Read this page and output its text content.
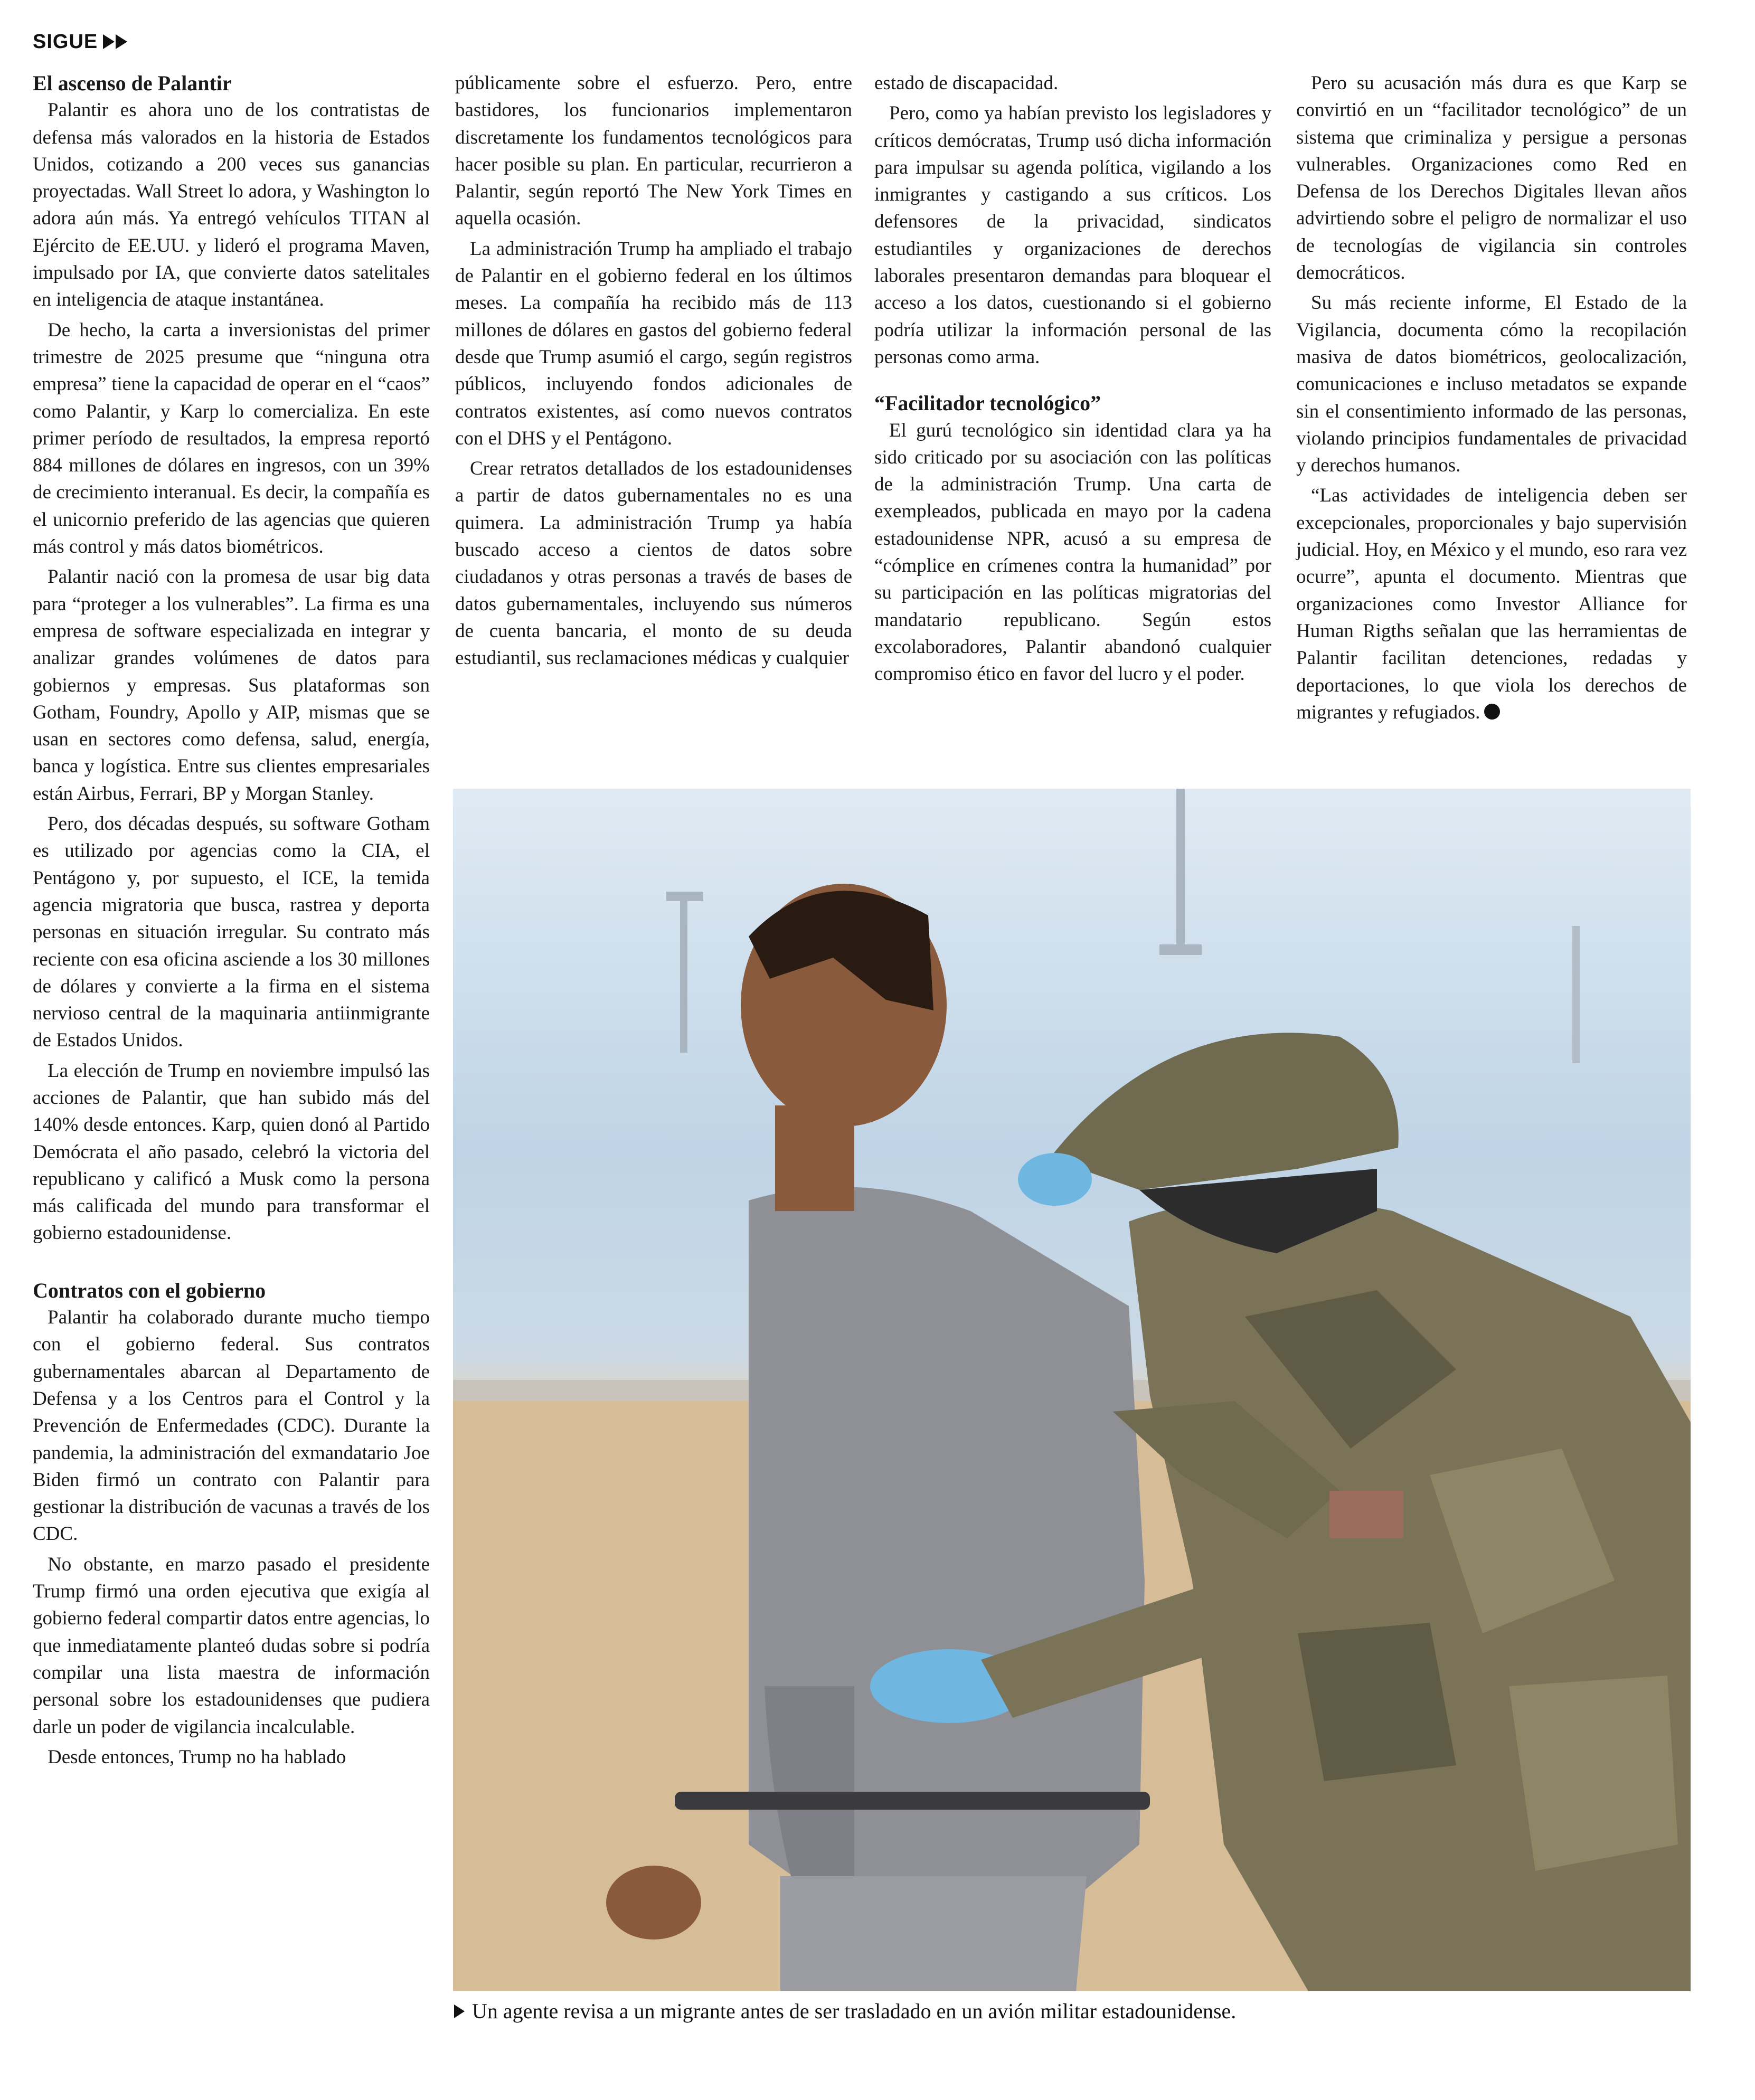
SIGUE
El ascenso de Palantir

Palantir es ahora uno de los contratistas de defensa más valorados en la historia de Estados Unidos, cotizando a 200 veces sus ganancias proyectadas. Wall Street lo adora, y Washington lo adora aún más. Ya entregó vehículos TITAN al Ejército de EE.UU. y lideró el programa Maven, impulsado por IA, que convierte datos satelitales en inteligencia de ataque instantánea.

De hecho, la carta a inversionistas del primer trimestre de 2025 presume que “ninguna otra empresa” tiene la capacidad de operar en el “caos” como Palantir, y Karp lo comercializa. En este primer período de resultados, la empresa reportó 884 millones de dólares en ingresos, con un 39% de crecimiento interanual. Es decir, la compañía es el unicornio preferido de las agencias que quieren más control y más datos biométricos.

Palantir nació con la promesa de usar big data para “proteger a los vulnerables”. La firma es una empresa de software especializada en integrar y analizar grandes volúmenes de datos para gobiernos y empresas. Sus plataformas son Gotham, Foundry, Apollo y AIP, mismas que se usan en sectores como defensa, salud, energía, banca y logística. Entre sus clientes empresariales están Airbus, Ferrari, BP y Morgan Stanley.

Pero, dos décadas después, su software Gotham es utilizado por agencias como la CIA, el Pentágono y, por supuesto, el ICE, la temida agencia migratoria que busca, rastrea y deporta personas en situación irregular. Su contrato más reciente con esa oficina asciende a los 30 millones de dólares y convierte a la firma en el sistema nervioso central de la maquinaria antiinmigrante de Estados Unidos.

La elección de Trump en noviembre impulsó las acciones de Palantir, que han subido más del 140% desde entonces. Karp, quien donó al Partido Demócrata el año pasado, celebró la victoria del republicano y calificó a Musk como la persona más calificada del mundo para transformar el gobierno estadounidense.

Contratos con el gobierno

Palantir ha colaborado durante mucho tiempo con el gobierno federal. Sus contratos gubernamentales abarcan al Departamento de Defensa y a los Centros para el Control y la Prevención de Enfermedades (CDC). Durante la pandemia, la administración del exmandatario Joe Biden firmó un contrato con Palantir para gestionar la distribución de vacunas a través de los CDC.

No obstante, en marzo pasado el presidente Trump firmó una orden ejecutiva que exigía al gobierno federal compartir datos entre agencias, lo que inmediatamente planteó dudas sobre si podría compilar una lista maestra de información personal sobre los estadounidenses que pudiera darle un poder de vigilancia incalculable.

Desde entonces, Trump no ha hablado

públicamente sobre el esfuerzo. Pero, entre bastidores, los funcionarios implementaron discretamente los fundamentos tecnológicos para hacer posible su plan. En particular, recurrieron a Palantir, según reportó The New York Times en aquella ocasión.

La administración Trump ha ampliado el trabajo de Palantir en el gobierno federal en los últimos meses. La compañía ha recibido más de 113 millones de dólares en gastos del gobierno federal desde que Trump asumió el cargo, según registros públicos, incluyendo fondos adicionales de contratos existentes, así como nuevos contratos con el DHS y el Pentágono.

Crear retratos detallados de los estadounidenses a partir de datos gubernamentales no es una quimera. La administración Trump ya había buscado acceso a cientos de datos sobre ciudadanos y otras personas a través de bases de datos gubernamentales, incluyendo sus números de cuenta bancaria, el monto de su deuda estudiantil, sus reclamaciones médicas y cualquier

estado de discapacidad.

Pero, como ya habían previsto los legisladores y críticos demócratas, Trump usó dicha información para impulsar su agenda política, vigilando a los inmigrantes y castigando a sus críticos. Los defensores de la privacidad, sindicatos estudiantiles y organizaciones de derechos laborales presentaron demandas para bloquear el acceso a los datos, cuestionando si el gobierno podría utilizar la información personal de las personas como arma.

“Facilitador tecnológico”

El gurú tecnológico sin identidad clara ya ha sido criticado por su asociación con las políticas de la administración Trump. Una carta de exempleados, publicada en mayo por la cadena estadounidense NPR, acusó a su empresa de “cómplice en crímenes contra la humanidad” por su participación en las políticas migratorias del mandatario republicano. Según estos excolaboradores, Palantir abandonó cualquier compromiso ético en favor del lucro y el poder.

Pero su acusación más dura es que Karp se convirtió en un “facilitador tecnológico” de un sistema que criminaliza y persigue a personas vulnerables. Organizaciones como Red en Defensa de los Derechos Digitales llevan años advirtiendo sobre el peligro de normalizar el uso de tecnologías de vigilancia sin controles democráticos.

Su más reciente informe, El Estado de la Vigilancia, documenta cómo la recopilación masiva de datos biométricos, geolocalización, comunicaciones e incluso metadatos se expande sin el consentimiento informado de las personas, violando principios fundamentales de privacidad y derechos humanos.

“Las actividades de inteligencia deben ser excepcionales, proporcionales y bajo supervisión judicial. Hoy, en México y el mundo, eso rara vez ocurre”, apunta el documento. Mientras que organizaciones como Investor Alliance for Human Rigths señalan que las herramientas de Palantir facilitan detenciones, redadas y deportaciones, lo que viola los derechos de migrantes y refugiados.

Un agente revisa a un migrante antes de ser trasladado en un avión militar estadounidense.
